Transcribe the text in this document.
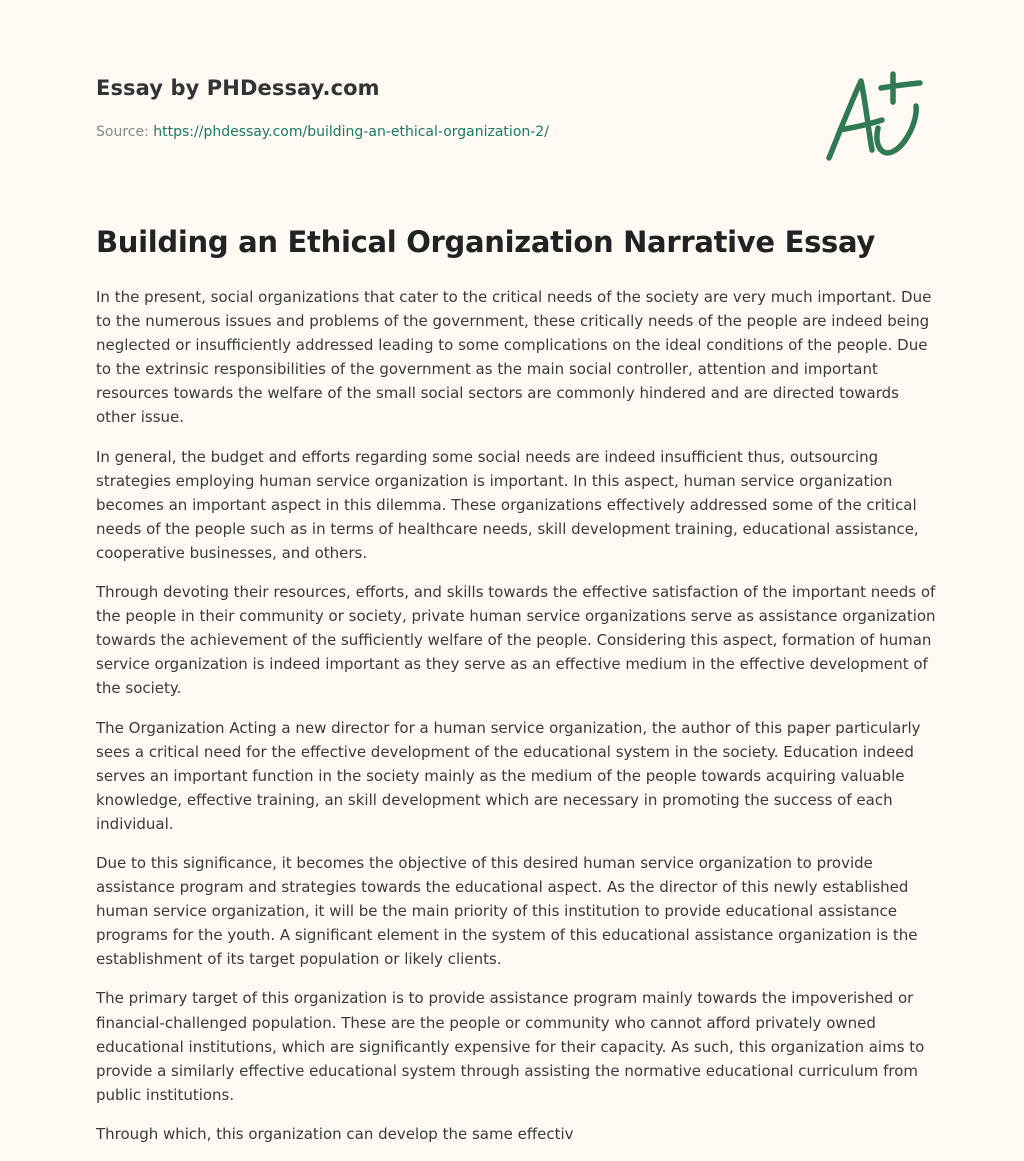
Essay by PHDessay.com
Source: https://phdessay.com/building-an-ethical-organization-2/
Building an Ethical Organization Narrative Essay

In the present, social organizations that cater to the critical needs of the society are very much important. Due to the numerous issues and problems of the government, these critically needs of the people are indeed being neglected or insufficiently addressed leading to some complications on the ideal conditions of the people. Due to the extrinsic responsibilities of the government as the main social controller, attention and important resources towards the welfare of the small social sectors are commonly hindered and are directed towards other issue.

In general, the budget and efforts regarding some social needs are indeed insufficient thus, outsourcing strategies employing human service organization is important. In this aspect, human service organization becomes an important aspect in this dilemma. These organizations effectively addressed some of the critical needs of the people such as in terms of healthcare needs, skill development training, educational assistance, cooperative businesses, and others.

Through devoting their resources, efforts, and skills towards the effective satisfaction of the important needs of the people in their community or society, private human service organizations serve as assistance organization towards the achievement of the sufficiently welfare of the people. Considering this aspect, formation of human service organization is indeed important as they serve as an effective medium in the effective development of the society.

The Organization Acting a new director for a human service organization, the author of this paper particularly sees a critical need for the effective development of the educational system in the society. Education indeed serves an important function in the society mainly as the medium of the people towards acquiring valuable knowledge, effective training, an skill development which are necessary in promoting the success of each individual.

Due to this significance, it becomes the objective of this desired human service organization to provide assistance program and strategies towards the educational aspect. As the director of this newly established human service organization, it will be the main priority of this institution to provide educational assistance programs for the youth. A significant element in the system of this educational assistance organization is the establishment of its target population or likely clients.

The primary target of this organization is to provide assistance program mainly towards the impoverished or financial-challenged population. These are the people or community who cannot afford privately owned educational institutions, which are significantly expensive for their capacity. As such, this organization aims to provide a similarly effective educational system through assisting the normative educational curriculum from public institutions.

Through which, this organization can develop the same effectiv
